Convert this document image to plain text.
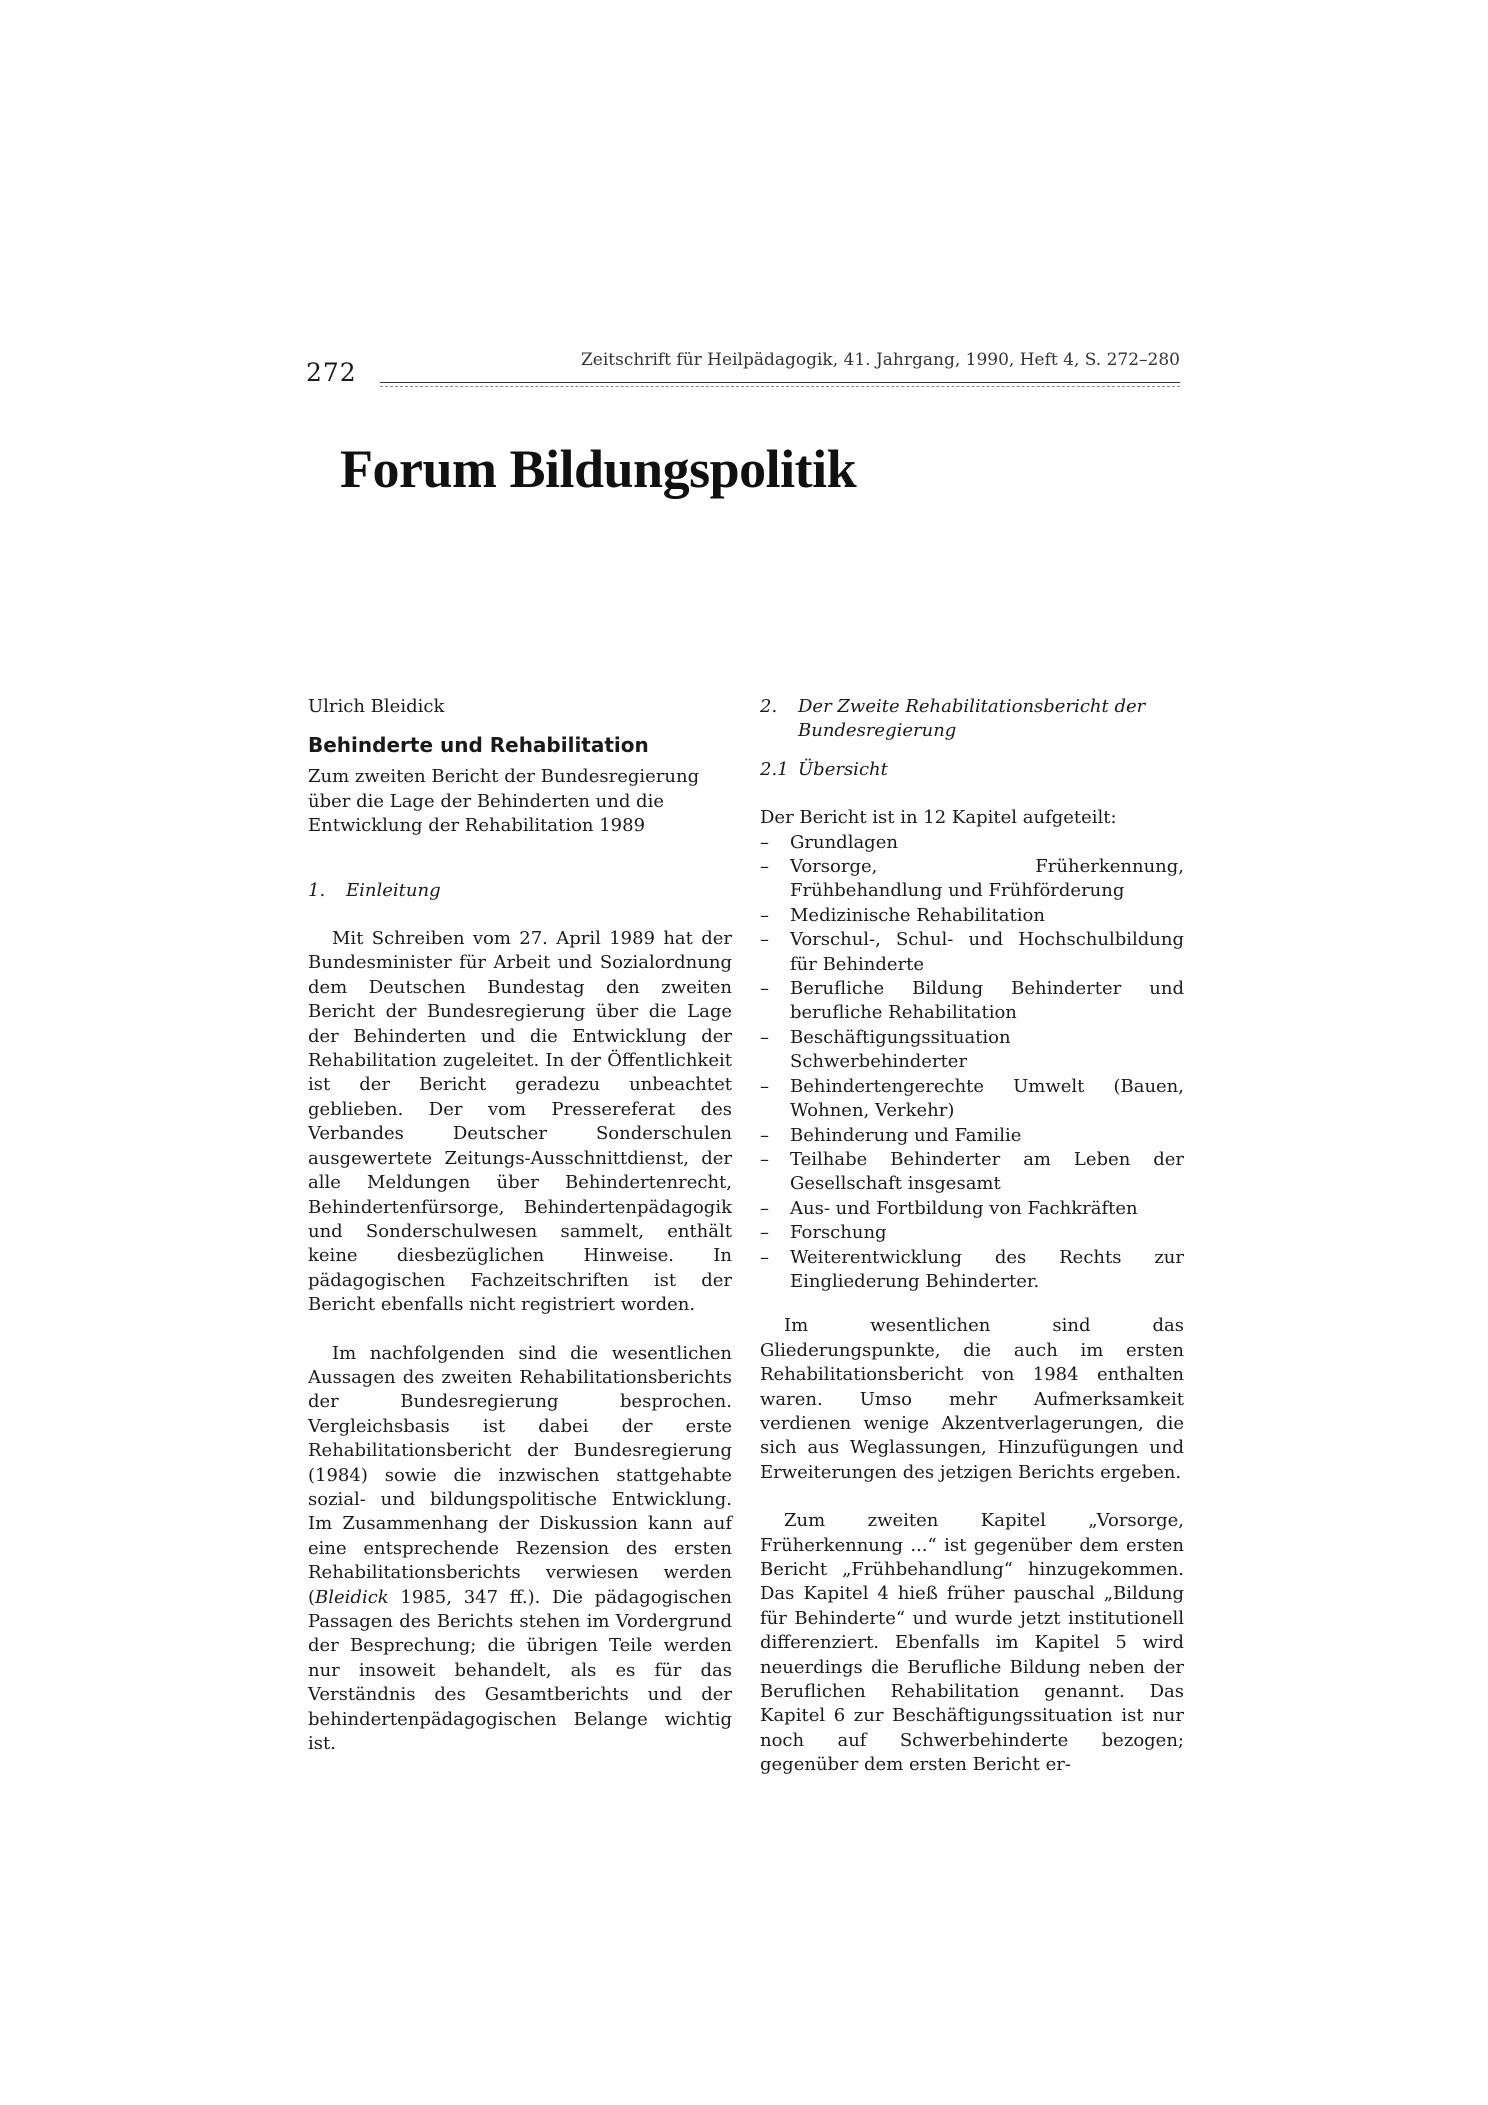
272	Zeitschrift für Heilpädagogik, 41. Jahrgang, 1990, Heft 4, S. 272–280
Forum Bildungspolitik

Ulrich Bleidick

Behinderte und Rehabilitation

Zum zweiten Bericht der Bundesregierung über die Lage der Behinderten und die Entwicklung der Rehabilitation 1989

1.	Einleitung

Mit Schreiben vom 27. April 1989 hat der Bundesminister für Arbeit und Sozialordnung dem Deutschen Bundestag den zweiten Bericht der Bundesregierung über die Lage der Behinderten und die Entwicklung der Rehabilitation zugeleitet. In der Öffentlichkeit ist der Bericht geradezu unbeachtet geblieben. Der vom Pressereferat des Verbandes Deutscher Sonderschulen ausgewertete Zeitungs-Ausschnittdienst, der alle Meldungen über Behindertenrecht, Behindertenfürsorge, Behindertenpädagogik und Sonderschulwesen sammelt, enthält keine diesbezüglichen Hinweise. In pädagogischen Fachzeitschriften ist der Bericht ebenfalls nicht registriert worden.

Im nachfolgenden sind die wesentlichen Aussagen des zweiten Rehabilitationsberichts der Bundesregierung besprochen. Vergleichsbasis ist dabei der erste Rehabilitationsbericht der Bundesregierung (1984) sowie die inzwischen stattgehabte sozial- und bildungspolitische Entwicklung. Im Zusammenhang der Diskussion kann auf eine entsprechende Rezension des ersten Rehabilitationsberichts verwiesen werden (Bleidick 1985, 347 ff.). Die pädagogischen Passagen des Berichts stehen im Vordergrund der Besprechung; die übrigen Teile werden nur insoweit behandelt, als es für das Verständnis des Gesamtberichts und der behindertenpädagogischen Belange wichtig ist.

2.	Der Zweite Rehabilitationsbericht der Bundesregierung
2.1 Übersicht

Der Bericht ist in 12 Kapitel aufgeteilt:

–	Grundlagen
–	Vorsorge, Früherkennung, Frühbehandlung und Frühförderung
–	Medizinische Rehabilitation
–	Vorschul-, Schul- und Hochschulbildung für Behinderte
–	Berufliche Bildung Behinderter und berufliche Rehabilitation
–	Beschäftigungssituation Schwerbehinderter
–	Behindertengerechte Umwelt (Bauen, Wohnen, Verkehr)
–	Behinderung und Familie
–	Teilhabe Behinderter am Leben der Gesellschaft insgesamt
–	Aus- und Fortbildung von Fachkräften
–	Forschung
–	Weiterentwicklung des Rechts zur Eingliederung Behinderter.

Im wesentlichen sind das Gliederungspunkte, die auch im ersten Rehabilitationsbericht von 1984 enthalten waren. Umso mehr Aufmerksamkeit verdienen wenige Akzentverlagerungen, die sich aus Weglassungen, Hinzufügungen und Erweiterungen des jetzigen Berichts ergeben.

Zum zweiten Kapitel „Vorsorge, Früherkennung ...“ ist gegenüber dem ersten Bericht „Frühbehandlung“ hinzugekommen. Das Kapitel 4 hieß früher pauschal „Bildung für Behinderte“ und wurde jetzt institutionell differenziert. Ebenfalls im Kapitel 5 wird neuerdings die Berufliche Bildung neben der Beruflichen Rehabilitation genannt. Das Kapitel 6 zur Beschäftigungssituation ist nur noch auf Schwerbehinderte bezogen; gegenüber dem ersten Bericht er-
